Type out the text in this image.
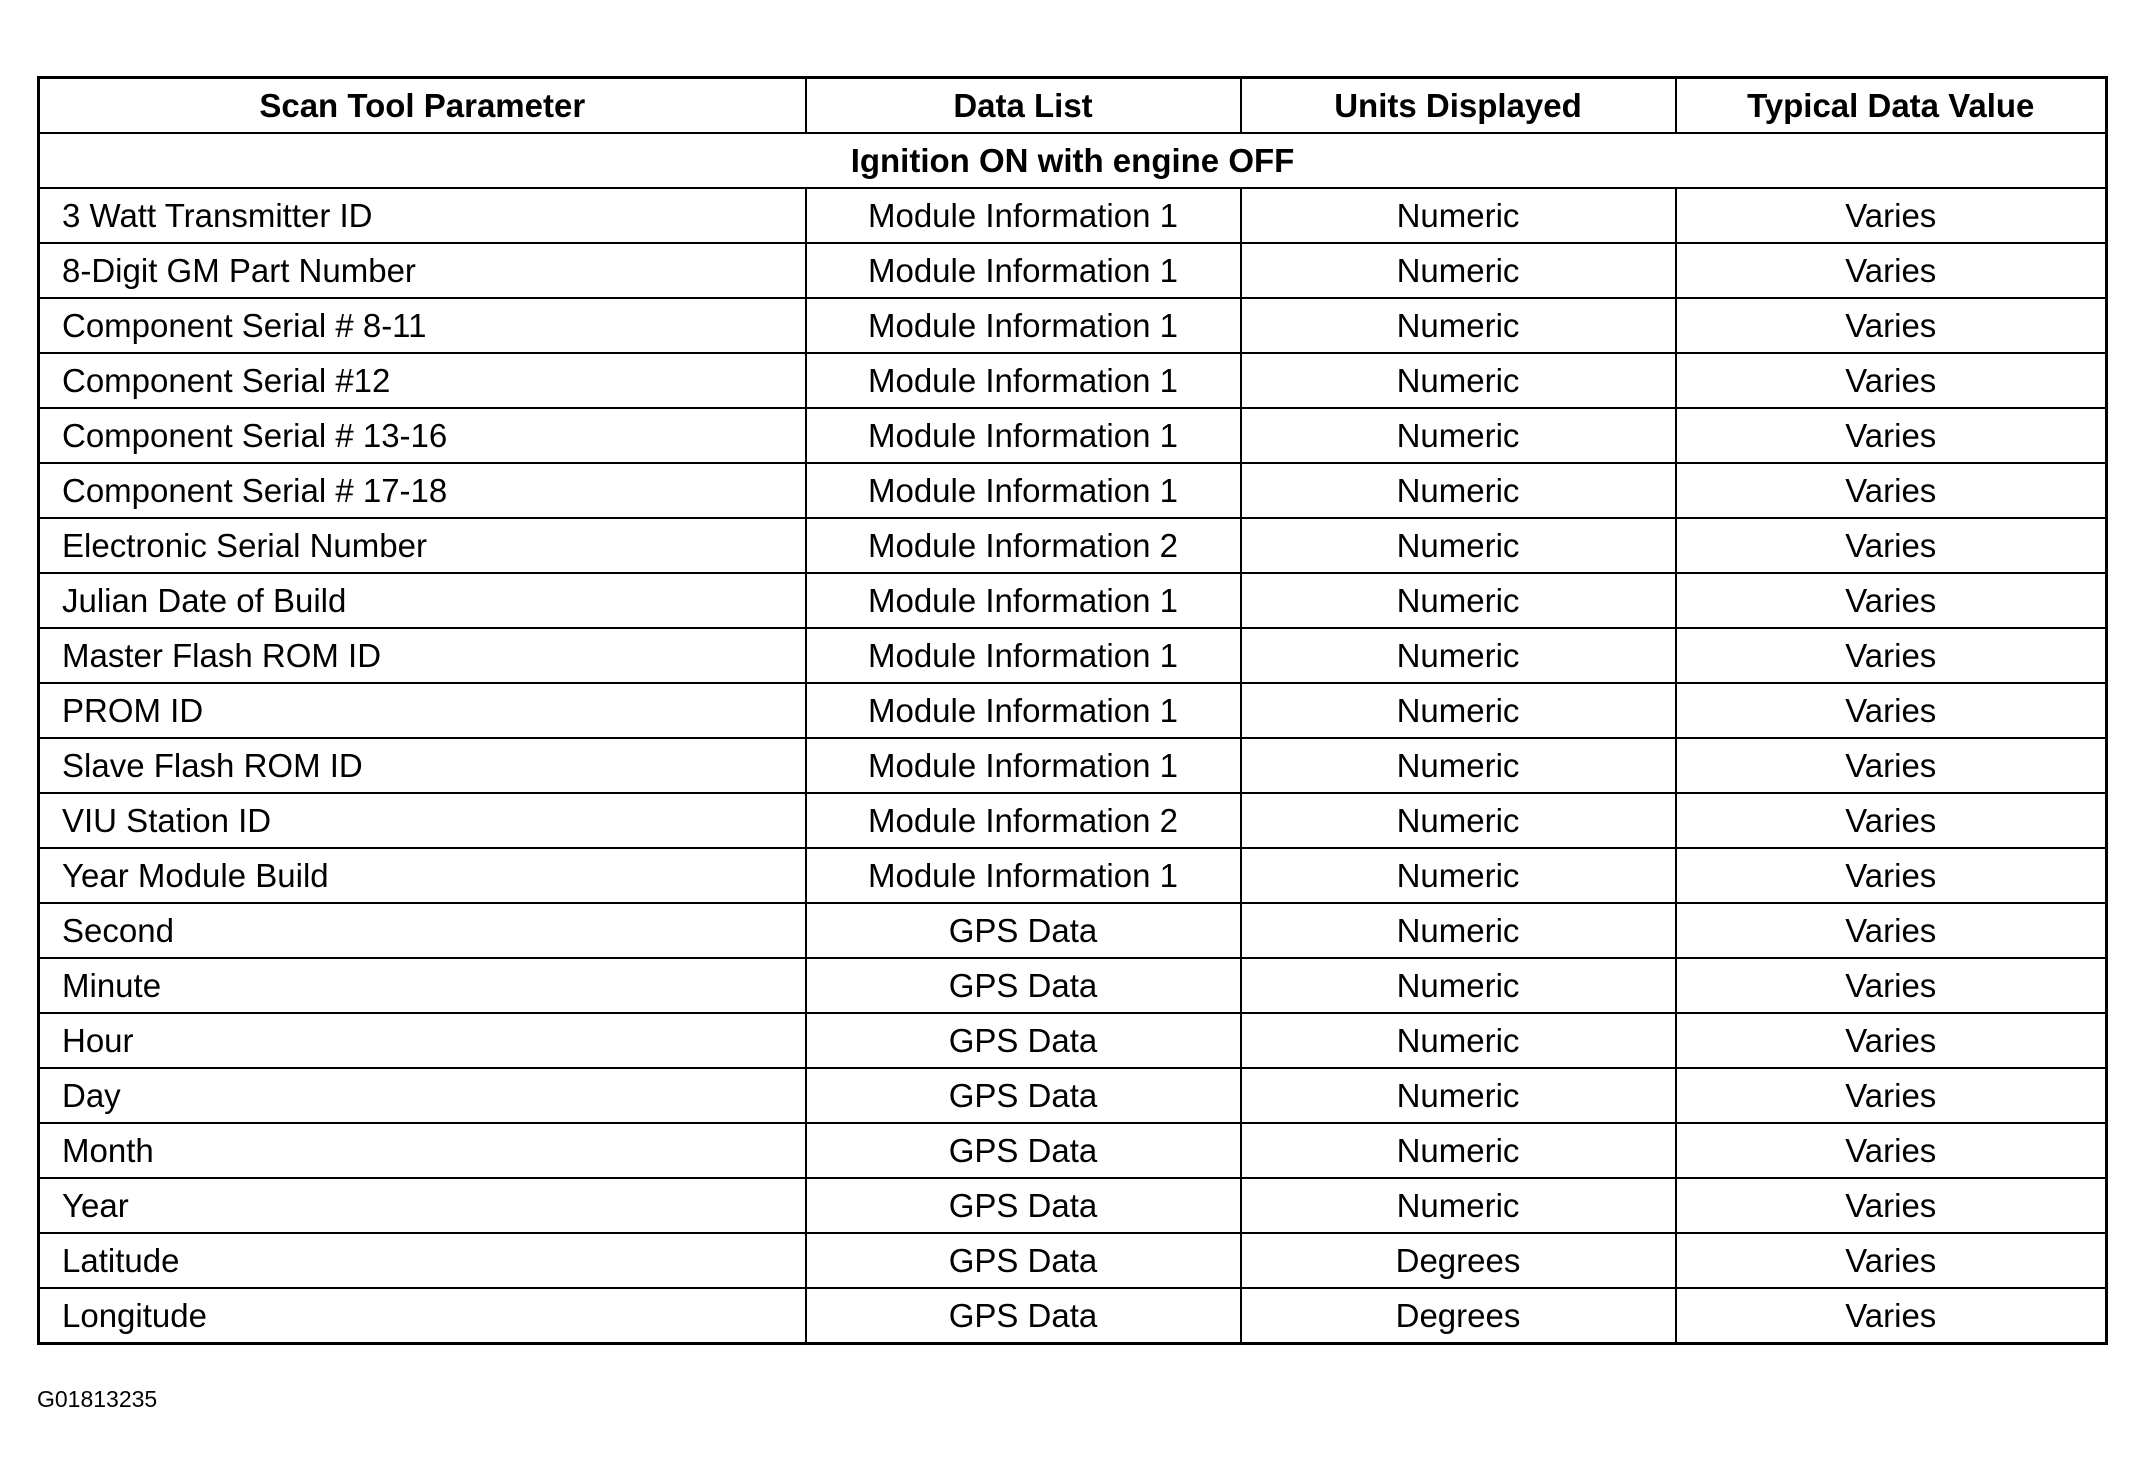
Scan Tool Parameter	Data List	Units Displayed	Typical Data Value
Ignition ON with engine OFF			
3 Watt Transmitter ID	Module Information 1	Numeric	Varies
8-Digit GM Part Number	Module Information 1	Numeric	Varies
Component Serial # 8-11	Module Information 1	Numeric	Varies
Component Serial #12	Module Information 1	Numeric	Varies
Component Serial # 13-16	Module Information 1	Numeric	Varies
Component Serial # 17-18	Module Information 1	Numeric	Varies
Electronic Serial Number	Module Information 2	Numeric	Varies
Julian Date of Build	Module Information 1	Numeric	Varies
Master Flash ROM ID	Module Information 1	Numeric	Varies
PROM ID	Module Information 1	Numeric	Varies
Slave Flash ROM ID	Module Information 1	Numeric	Varies
VIU Station ID	Module Information 2	Numeric	Varies
Year Module Build	Module Information 1	Numeric	Varies
Second	GPS Data	Numeric	Varies
Minute	GPS Data	Numeric	Varies
Hour	GPS Data	Numeric	Varies
Day	GPS Data	Numeric	Varies
Month	GPS Data	Numeric	Varies
Year	GPS Data	Numeric	Varies
Latitude	GPS Data	Degrees	Varies
Longitude	GPS Data	Degrees	Varies
G01813235
